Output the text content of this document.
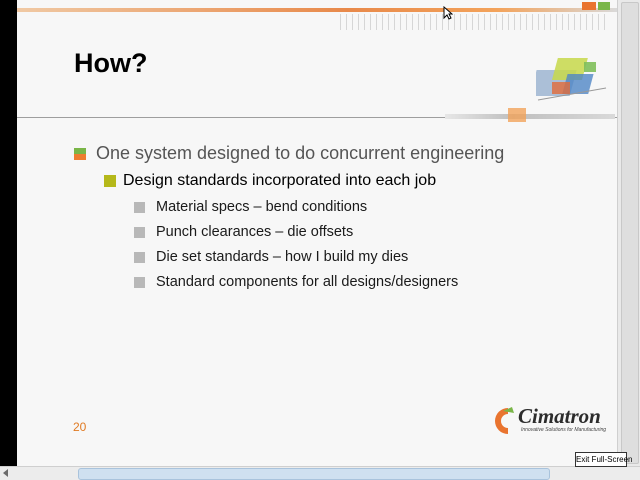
How?
One system designed to do concurrent engineering
Design standards incorporated into each job
Material specs – bend conditions
Punch clearances – die offsets
Die set standards – how I build my dies
Standard components for all designs/designers
20	Cimatron
Innovative Solutions for Manufacturing
Exit Full-Screen
